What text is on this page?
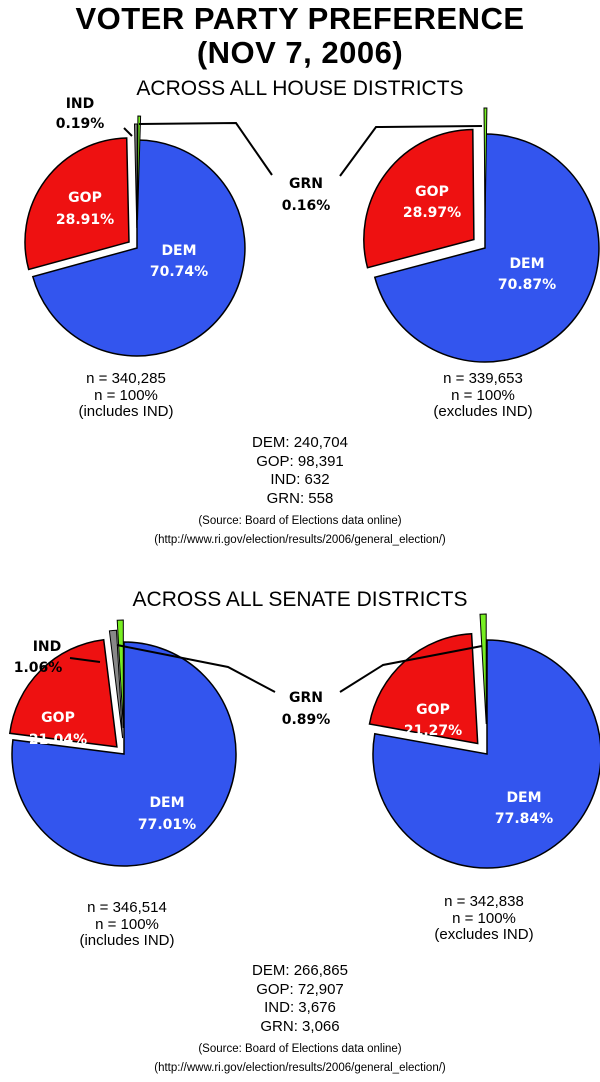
VOTER PARTY PREFERENCE
(NOV 7, 2006)
ACROSS ALL HOUSE DISTRICTS
DEM
70.74%
GOP
28.91%
IND
0.19%
GRN
0.16%
DEM
70.87%
GOP
28.97%
n = 340,285
n = 100%
(includes IND)
n = 339,653
n = 100%
(excludes IND)
DEM: 240,704
GOP: 98,391
IND: 632
GRN: 558
(Source: Board of Elections data online)
(http://www.ri.gov/election/results/2006/general_election/)
ACROSS ALL SENATE DISTRICTS
DEM
77.01%
GOP
21.04%
IND
1.06%
GRN
0.89%
DEM
77.84%
GOP
21.27%
n = 346,514
n = 100%
(includes IND)
n = 342,838
n = 100%
(excludes IND)
DEM: 266,865
GOP: 72,907
IND: 3,676
GRN: 3,066
(Source: Board of Elections data online)
(http://www.ri.gov/election/results/2006/general_election/)
